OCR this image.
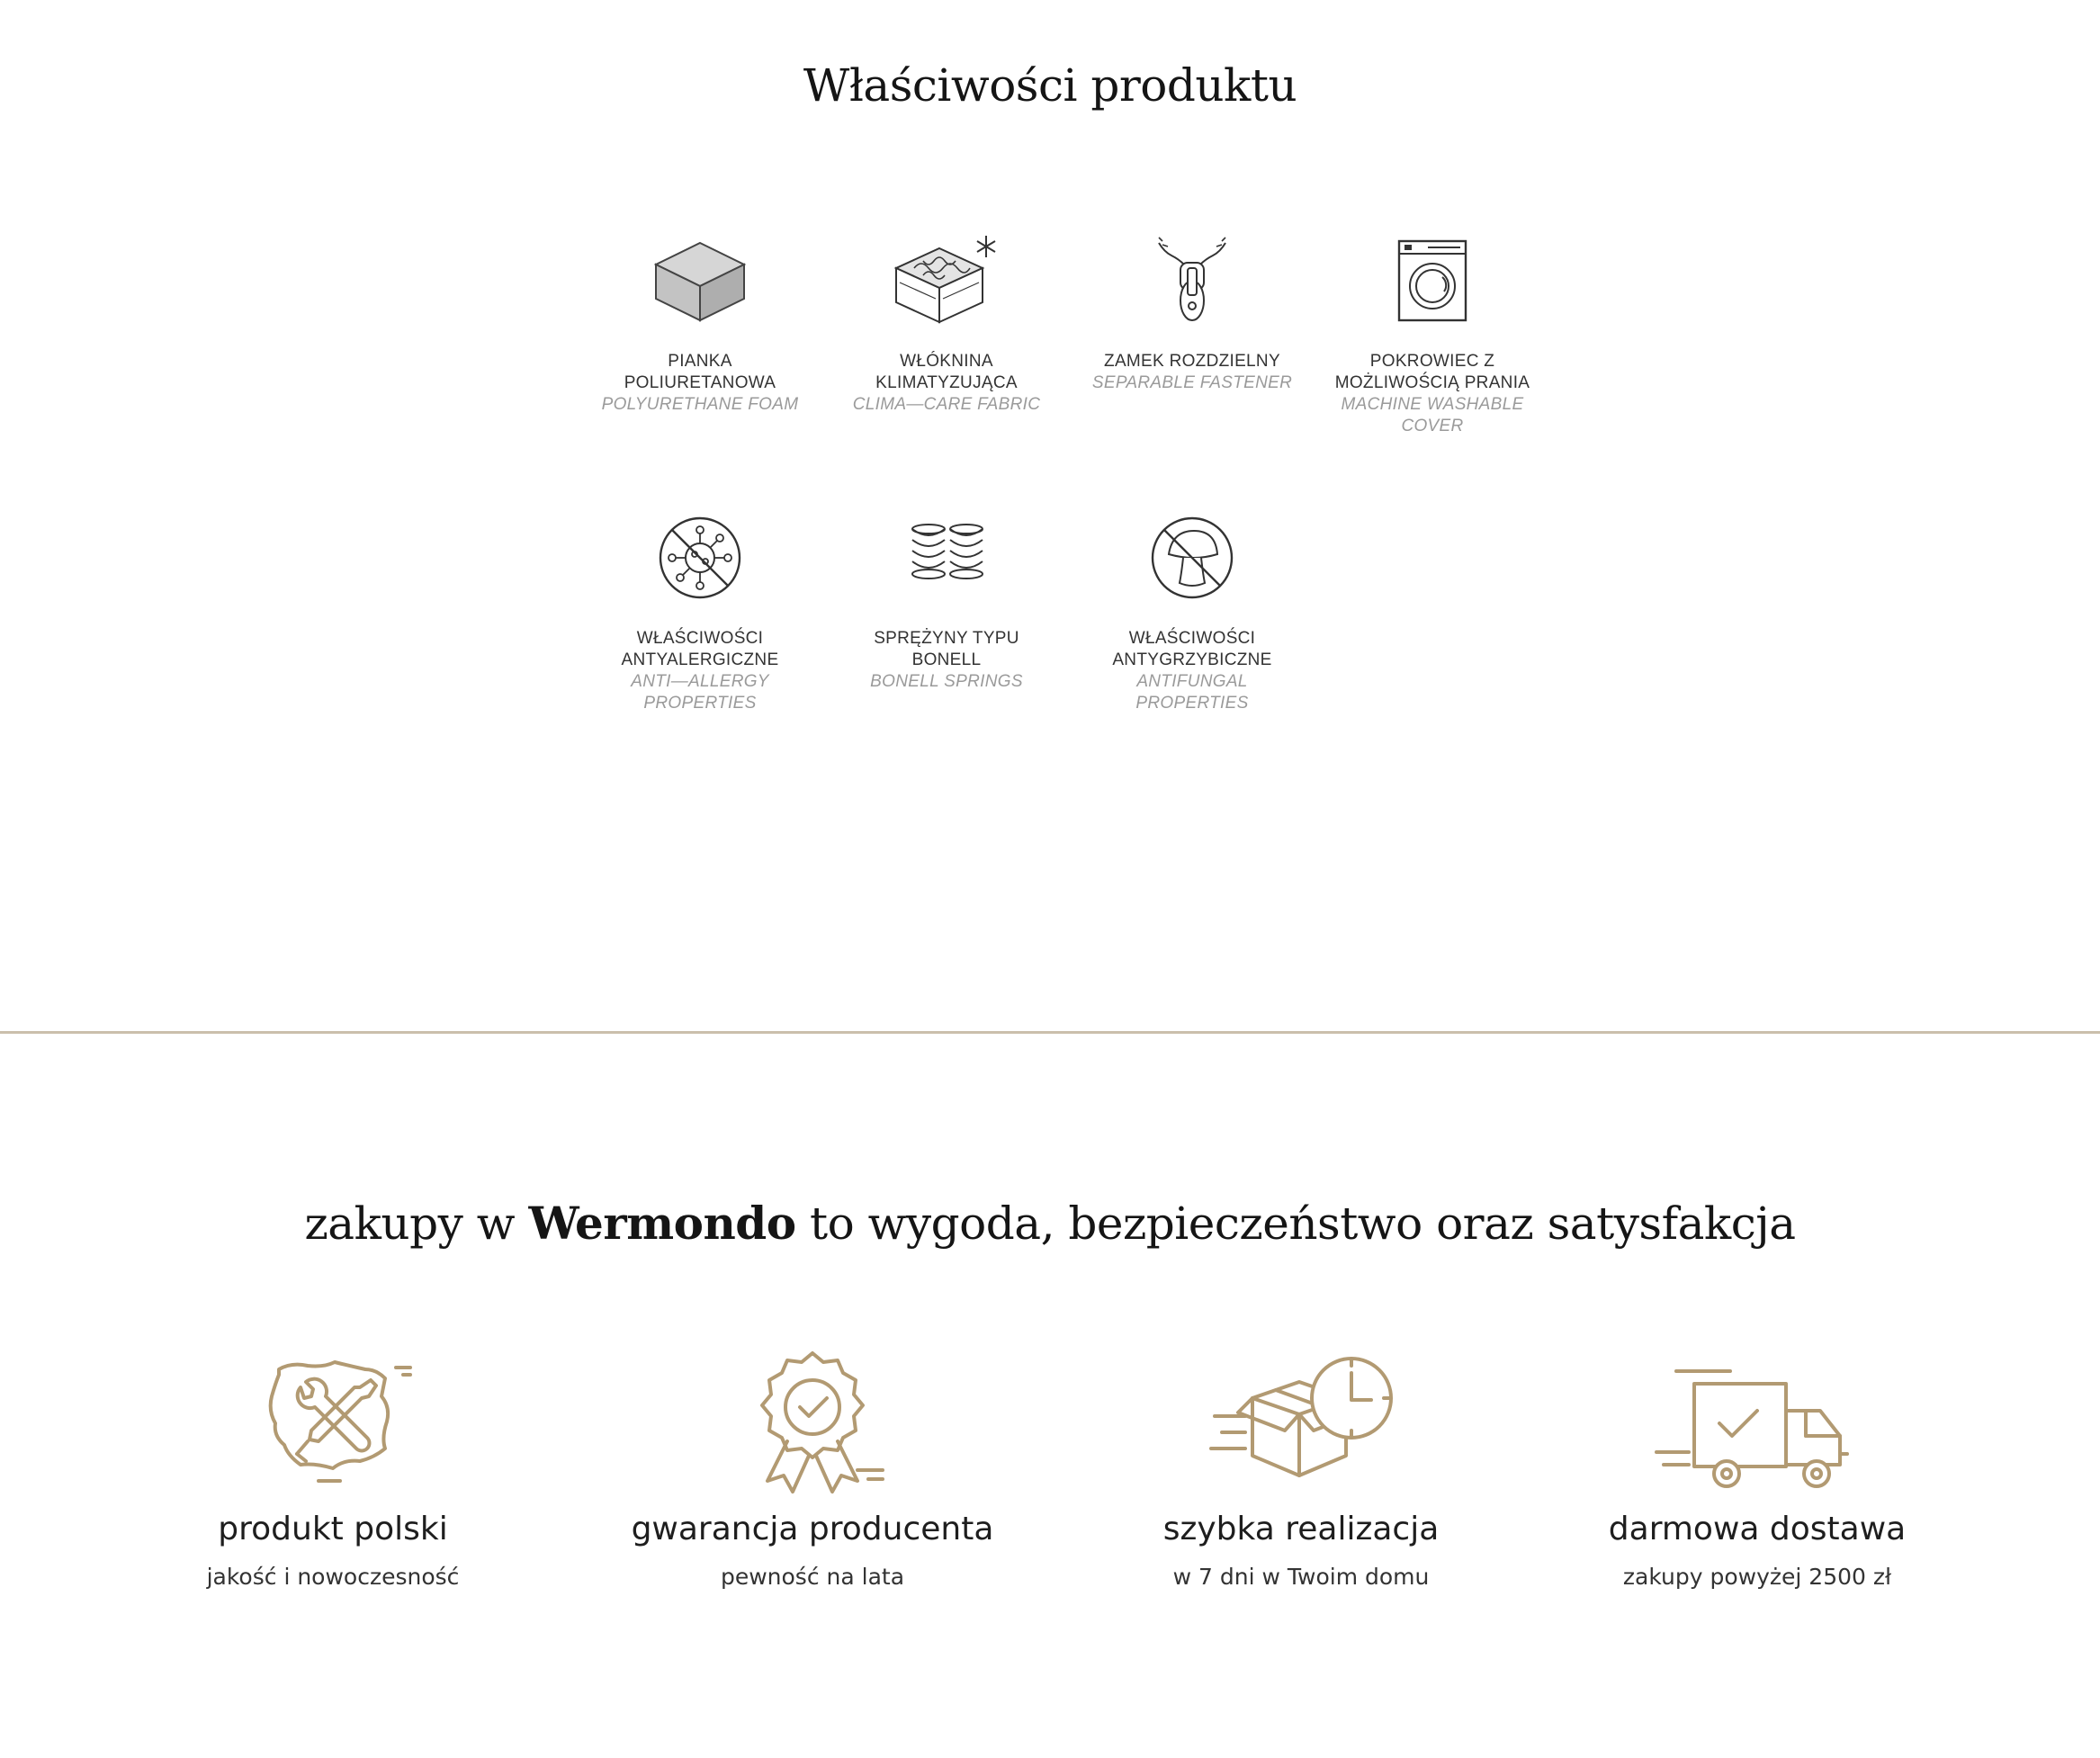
Właściwości produktu
PIANKA POLIURETANOWA
POLYURETHANE FOAM
WŁÓKNINA KLIMATYZUJĄCA
CLIMA—CARE FABRIC
ZAMEK ROZDZIELNY
SEPARABLE FASTENER
POKROWIEC Z MOŻLIWOŚCIĄ PRANIA
MACHINE WASHABLE COVER
WŁAŚCIWOŚCI ANTYALERGICZNE
ANTI—ALLERGY PROPERTIES
SPRĘŻYNY TYPU BONELL
BONELL SPRINGS
WŁAŚCIWOŚCI ANTYGRZYBICZNE
ANTIFUNGAL PROPERTIES
zakupy w Wermondo to wygoda, bezpieczeństwo oraz satysfakcja
produkt polski
jakość i nowoczesność
gwarancja producenta
pewność na lata
szybka realizacja
w 7 dni w Twoim domu
darmowa dostawa
zakupy powyżej 2500 zł
